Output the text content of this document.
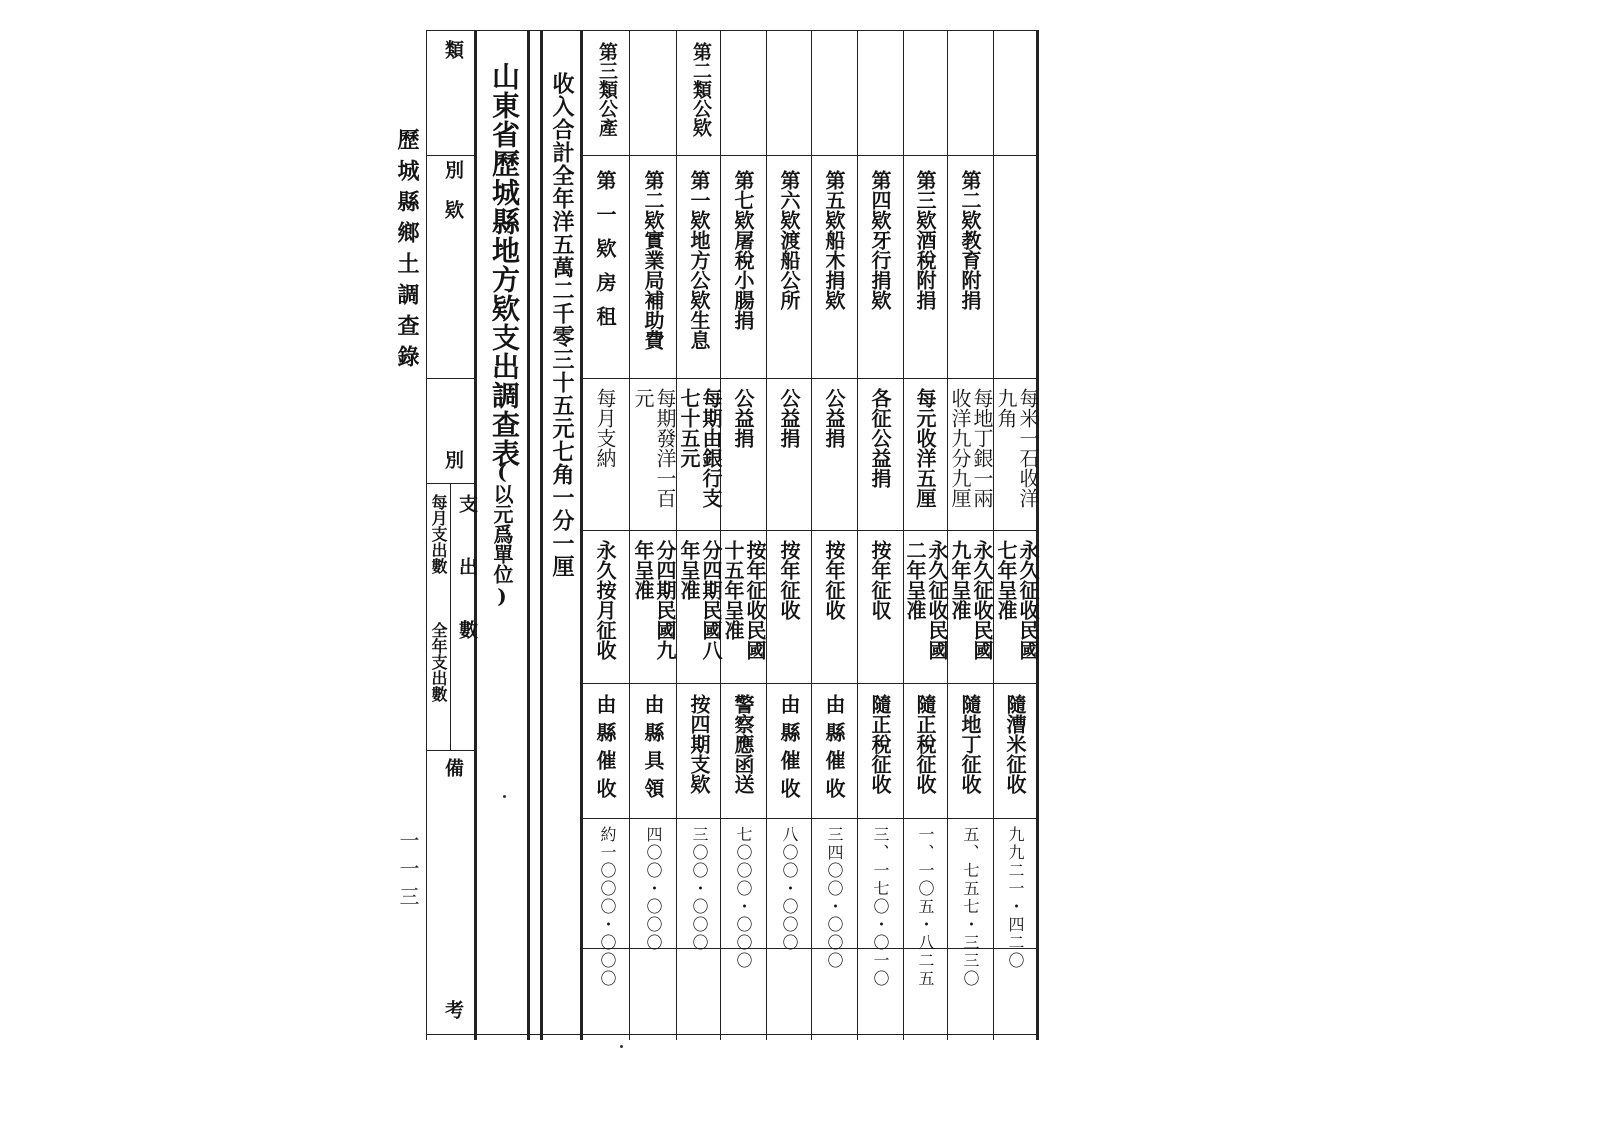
歷城縣鄉土調查錄
一一三
類
別
欵
別
支出數
每月支出數
全年支出數
備
考
山東省歷城縣地方欵支出調查表
(以元爲單位) 收入合計全年洋五萬二千零三十五元七角一分一厘 第三類公產
第一欵房租
每月支納
永久按月征收
由縣催收
約一〇〇〇・〇〇〇
第二欵實業局補助費
每期發洋一百元
分四期民國九年呈准
由縣具領
四〇〇・〇〇〇
第二類公欵
第一欵地方公欵生息
每期由銀行支七十五元
分四期民國八年呈准
按四期支欵
三〇〇・〇〇〇
第七欵屠稅小腸捐
公益捐
按年征收民國十五年呈准
警察應函送
七〇〇〇・〇〇〇
第六欵渡船公所
公益捐
按年征收
由縣催收
八〇〇・〇〇〇
第五欵船木捐欵
公益捐
按年征收
由縣催收
三四〇〇・〇〇〇
第四欵牙行捐欵
各征公益捐
按年征収
隨正稅征收
三、一七〇・〇一〇
第三欵酒稅附捐
每元收洋五厘
永久征收民國二年呈准
隨正稅征收
一、一〇五・八二五
第二欵教育附捐
每地丁銀一兩收洋九分九厘
永久征收民國九年呈准
隨地丁征收
五、七五七・三三〇
每米一石收洋九角
永久征收民國七年呈准
隨漕米征收
九九二一・四二〇
